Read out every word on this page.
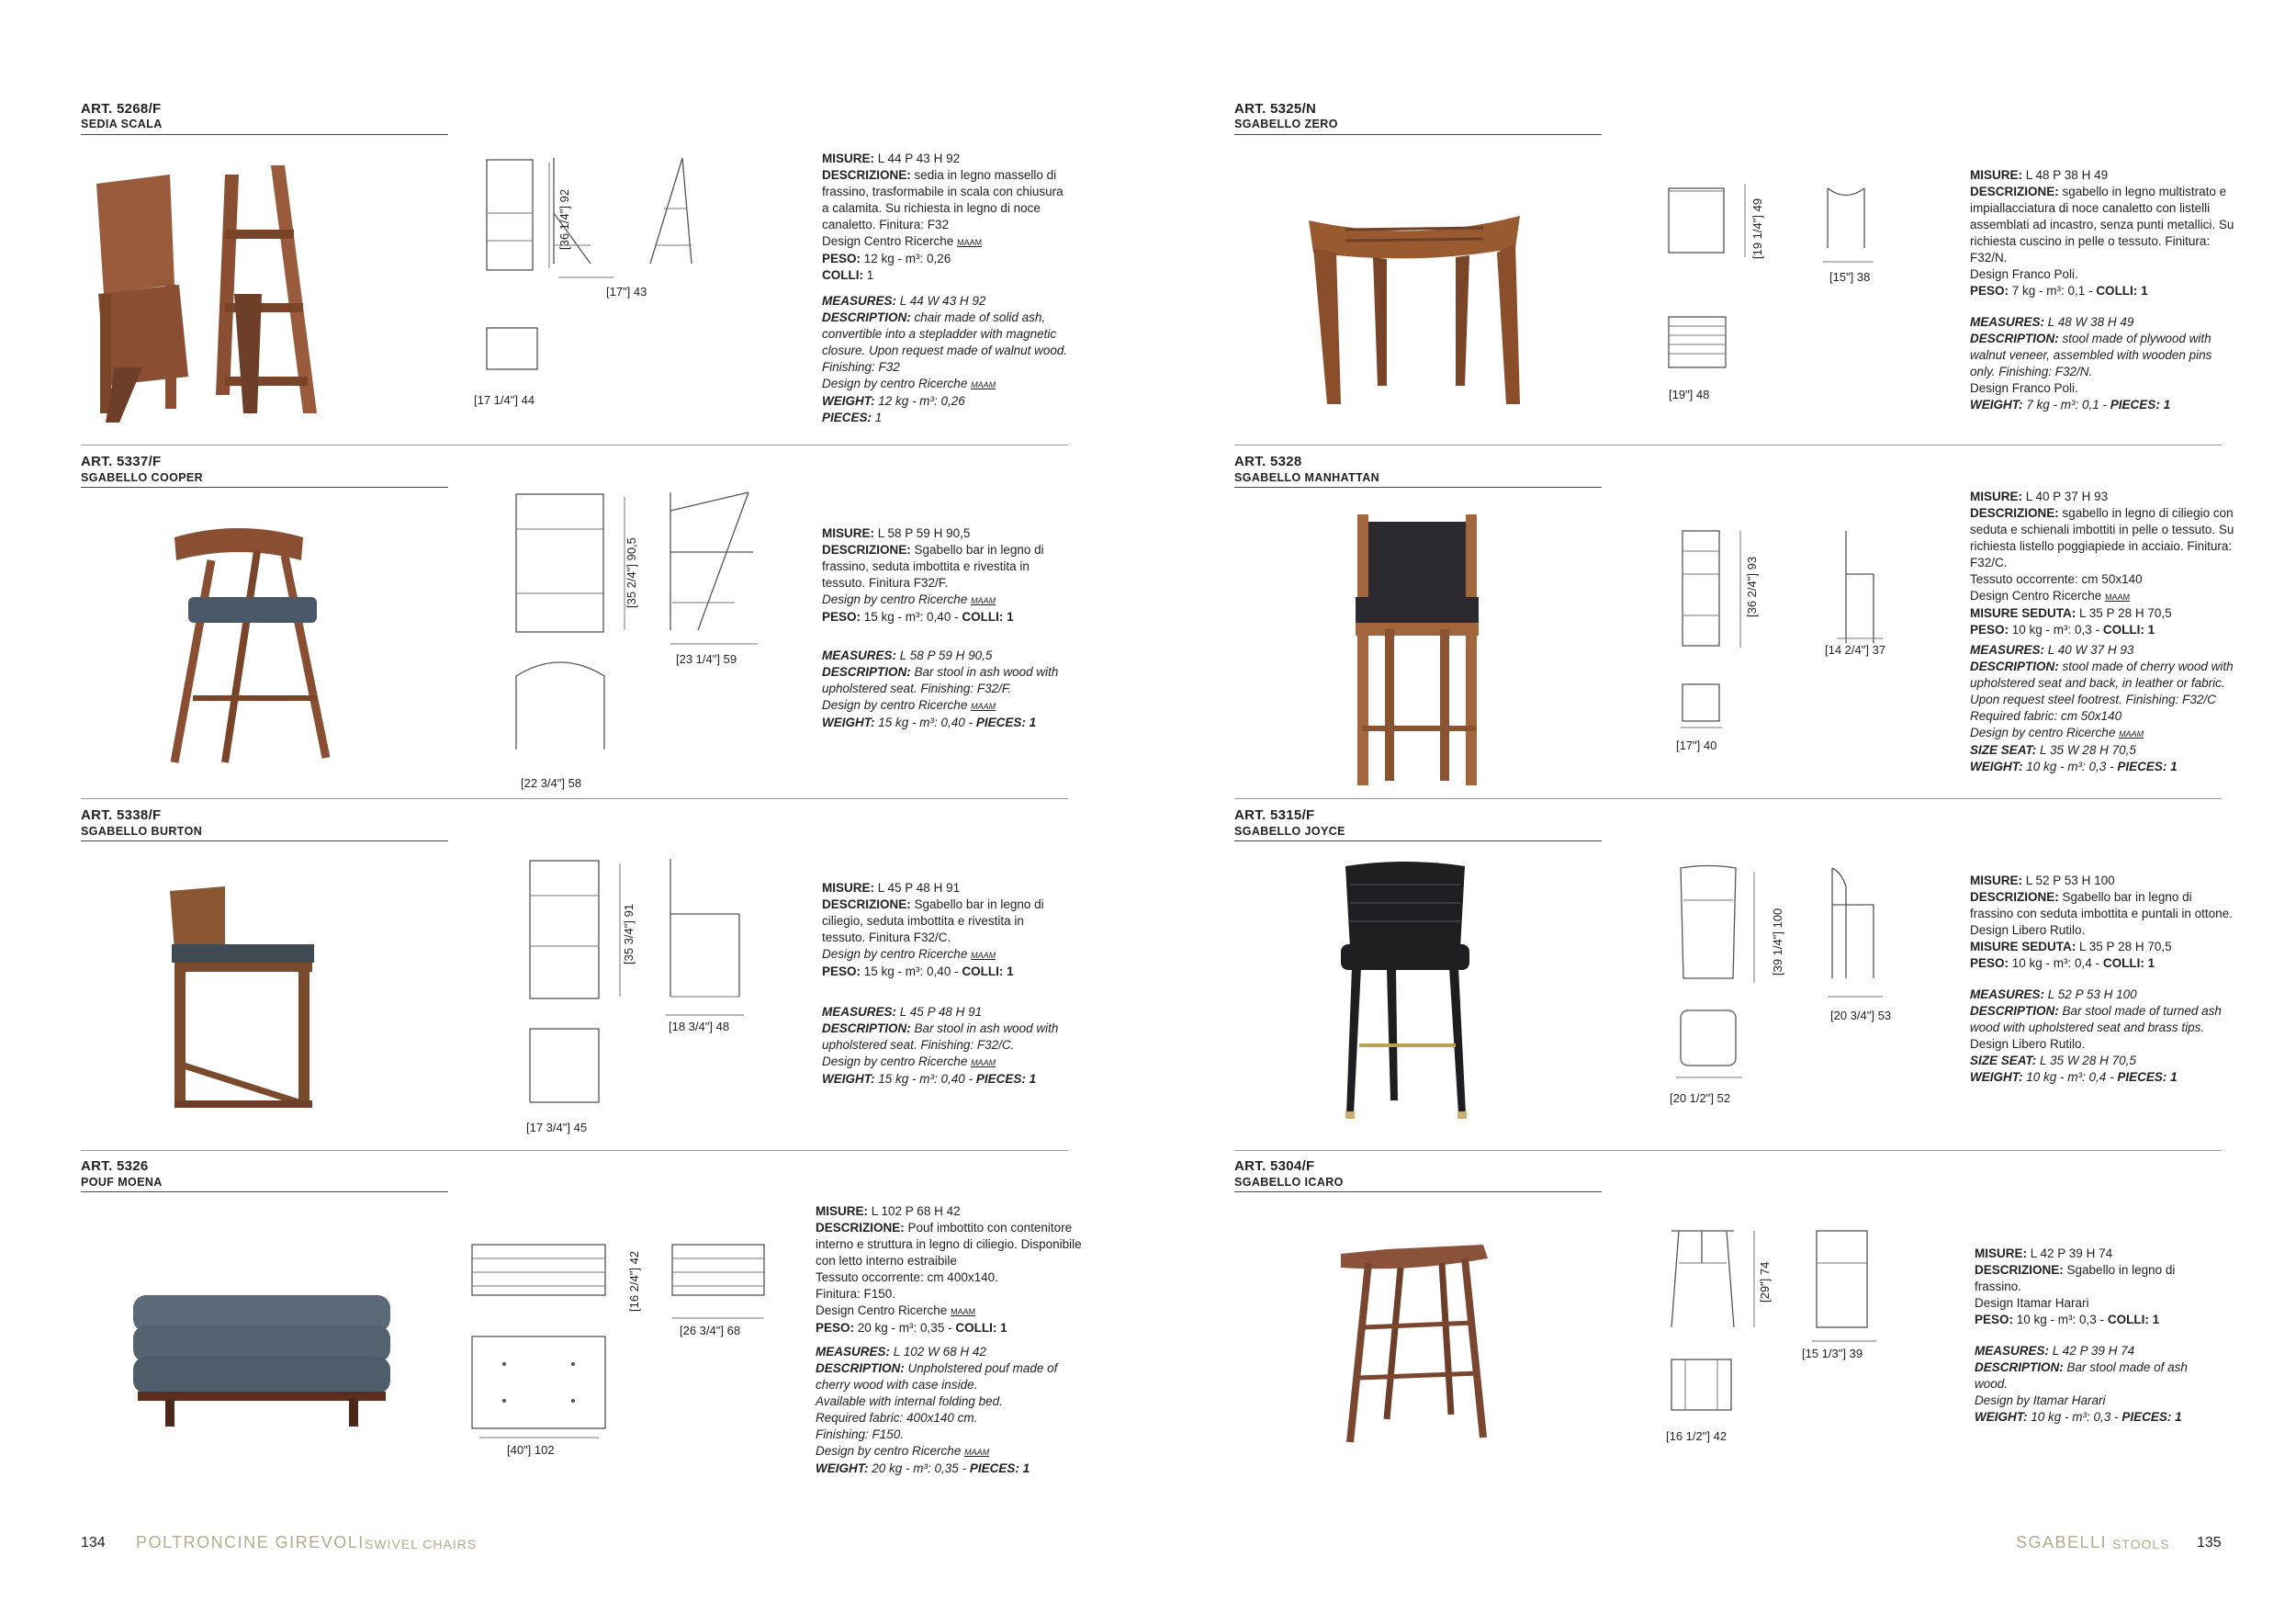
ART. 5268/F
SEDIA SCALA
[36 1/4"] 92
[17"] 43
[17 1/4"] 44

MISURE: L 44 P 43 H 92

DESCRIZIONE: sedia in legno massello di frassino, trasformabile in scala con chiusura a calamita. Su richiesta in legno di noce canaletto. Finitura: F32

Design Centro Ricerche MAAM

PESO: 12 kg - m³: 0,26

COLLI: 1

MEASURES: L 44 W 43 H 92

DESCRIPTION: chair made of solid ash, convertible into a stepladder with magnetic closure. Upon request made of walnut wood. Finishing: F32

Design by centro Ricerche MAAM

WEIGHT: 12 kg - m³: 0,26

PIECES: 1

ART. 5337/F
SGABELLO COOPER
[35 2/4"] 90,5
[23 1/4"] 59
[22 3/4"] 58

MISURE: L 58 P 59 H 90,5

DESCRIZIONE: Sgabello bar in legno di frassino, seduta imbottita e rivestita in tessuto. Finitura F32/F.

Design by centro Ricerche MAAM

PESO: 15 kg - m³: 0,40 - COLLI: 1

MEASURES: L 58 P 59 H 90,5

DESCRIPTION: Bar stool in ash wood with upholstered seat. Finishing: F32/F.

Design by centro Ricerche MAAM

WEIGHT: 15 kg - m³: 0,40 - PIECES: 1

ART. 5338/F
SGABELLO BURTON
[35 3/4"] 91
[18 3/4"] 48
[17 3/4"] 45

MISURE: L 45 P 48 H 91

DESCRIZIONE: Sgabello bar in legno di ciliegio, seduta imbottita e rivestita in tessuto. Finitura F32/C.

Design by centro Ricerche MAAM

PESO: 15 kg - m³: 0,40 - COLLI: 1

MEASURES: L 45 P 48 H 91

DESCRIPTION: Bar stool in ash wood with upholstered seat. Finishing: F32/C.

Design by centro Ricerche MAAM

WEIGHT: 15 kg - m³: 0,40 - PIECES: 1

ART. 5326
POUF MOENA
[16 2/4"] 42
[26 3/4"] 68
[40"] 102

MISURE: L 102 P 68 H 42

DESCRIZIONE: Pouf imbottito con contenitore interno e struttura in legno di ciliegio. Disponibile con letto interno estraibile

Tessuto occorrente: cm 400x140.

Finitura: F150.

Design Centro Ricerche MAAM

PESO: 20 kg - m³: 0,35 - COLLI: 1

MEASURES: L 102 W 68 H 42

DESCRIPTION: Unpholstered pouf made of cherry wood with case inside.

Available with internal folding bed.

Required fabric: 400x140 cm.

Finishing: F150.

Design by centro Ricerche MAAM

WEIGHT: 20 kg - m³: 0,35 - PIECES: 1

134 POLTRONCINE GIREVOLI SWIVEL CHAIRS
ART. 5325/N
SGABELLO ZERO
[19 1/4"] 49
[15"] 38
[19"] 48

MISURE: L 48 P 38 H 49

DESCRIZIONE: sgabello in legno multistrato e impiallacciatura di noce canaletto con listelli assemblati ad incastro, senza punti metallici. Su richiesta cuscino in pelle o tessuto. Finitura: F32/N.

Design Franco Poli.

PESO: 7 kg - m³: 0,1 - COLLI: 1

MEASURES: L 48 W 38 H 49

DESCRIPTION: stool made of plywood with walnut veneer, assembled with wooden pins only. Finishing: F32/N.

Design Franco Poli.

WEIGHT: 7 kg - m³: 0,1 - PIECES: 1

ART. 5328
SGABELLO MANHATTAN
[36 2/4"] 93
[14 2/4"] 37
[17"] 40

MISURE: L 40 P 37 H 93

DESCRIZIONE: sgabello in legno di ciliegio con seduta e schienali imbottiti in pelle o tessuto. Su richiesta listello poggiapiede in acciaio. Finitura: F32/C.

Tessuto occorrente: cm 50x140

Design Centro Ricerche MAAM

MISURE SEDUTA: L 35 P 28 H 70,5

PESO: 10 kg - m³: 0,3 - COLLI: 1

MEASURES: L 40 W 37 H 93

DESCRIPTION: stool made of cherry wood with upholstered seat and back, in leather or fabric. Upon request steel footrest. Finishing: F32/C

Required fabric: cm 50x140

Design by centro Ricerche MAAM

SIZE SEAT: L 35 W 28 H 70,5

WEIGHT: 10 kg - m³: 0,3 - PIECES: 1

ART. 5315/F
SGABELLO JOYCE
[39 1/4"] 100
[20 3/4"] 53
[20 1/2"] 52

MISURE: L 52 P 53 H 100

DESCRIZIONE: Sgabello bar in legno di frassino con seduta imbottita e puntali in ottone.

Design Libero Rutilo.

MISURE SEDUTA: L 35 P 28 H 70,5

PESO: 10 kg - m³: 0,4 - COLLI: 1

MEASURES: L 52 P 53 H 100

DESCRIPTION: Bar stool made of turned ash wood with upholstered seat and brass tips.

Design Libero Rutilo.

SIZE SEAT: L 35 W 28 H 70,5

WEIGHT: 10 kg - m³: 0,4 - PIECES: 1

ART. 5304/F
SGABELLO ICARO
[29"] 74
[15 1/3"] 39
[16 1/2"] 42

MISURE: L 42 P 39 H 74

DESCRIZIONE: Sgabello in legno di frassino.

Design Itamar Harari

PESO: 10 kg - m³: 0,3 - COLLI: 1

MEASURES: L 42 P 39 H 74

DESCRIPTION: Bar stool made of ash wood.

Design by Itamar Harari

WEIGHT: 10 kg - m³: 0,3 - PIECES: 1

SGABELLI STOOLS 135
